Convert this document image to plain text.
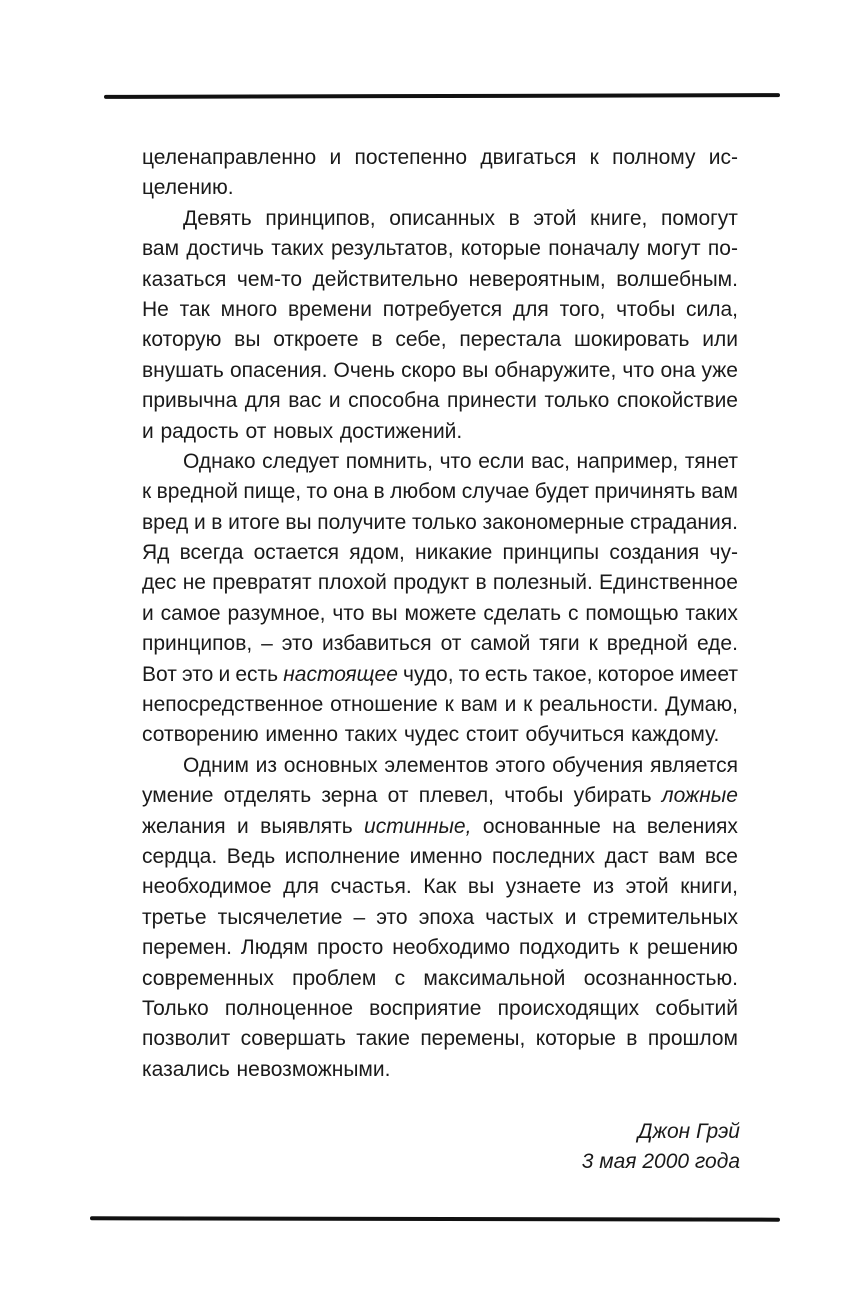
целенаправленно и постепенно двигаться к полному ис-
целению.
Девять принципов, описанных в этой книге, помогут
вам достичь таких результатов, которые поначалу могут по-
казаться чем-то действительно невероятным, волшебным.
Не так много времени потребуется для того, чтобы сила,
которую вы откроете в себе, перестала шокировать или
внушать опасения. Очень скоро вы обнаружите, что она уже
привычна для вас и способна принести только спокойствие
и радость от новых достижений.
Однако следует помнить, что если вас, например, тянет
к вредной пище, то она в любом случае будет причинять вам
вред и в итоге вы получите только закономерные страдания.
Яд всегда остается ядом, никакие принципы создания чу-
дес не превратят плохой продукт в полезный. Единственное
и самое разумное, что вы можете сделать с помощью таких
принципов, – это избавиться от самой тяги к вредной еде.
Вот это и есть настоящее чудо, то есть такое, которое имеет
непосредственное отношение к вам и к реальности. Думаю,
сотворению именно таких чудес стоит обучиться каждому.
Одним из основных элементов этого обучения является
умение отделять зерна от плевел, чтобы убирать ложные
желания и выявлять истинные, основанные на велениях
сердца. Ведь исполнение именно последних даст вам все
необходимое для счастья. Как вы узнаете из этой книги,
третье тысячелетие – это эпоха частых и стремительных
перемен. Людям просто необходимо подходить к решению
современных проблем с максимальной осознанностью.
Только полноценное восприятие происходящих событий
позволит совершать такие перемены, которые в прошлом
казались невозможными.
Джон Грэй
3 мая 2000 года
